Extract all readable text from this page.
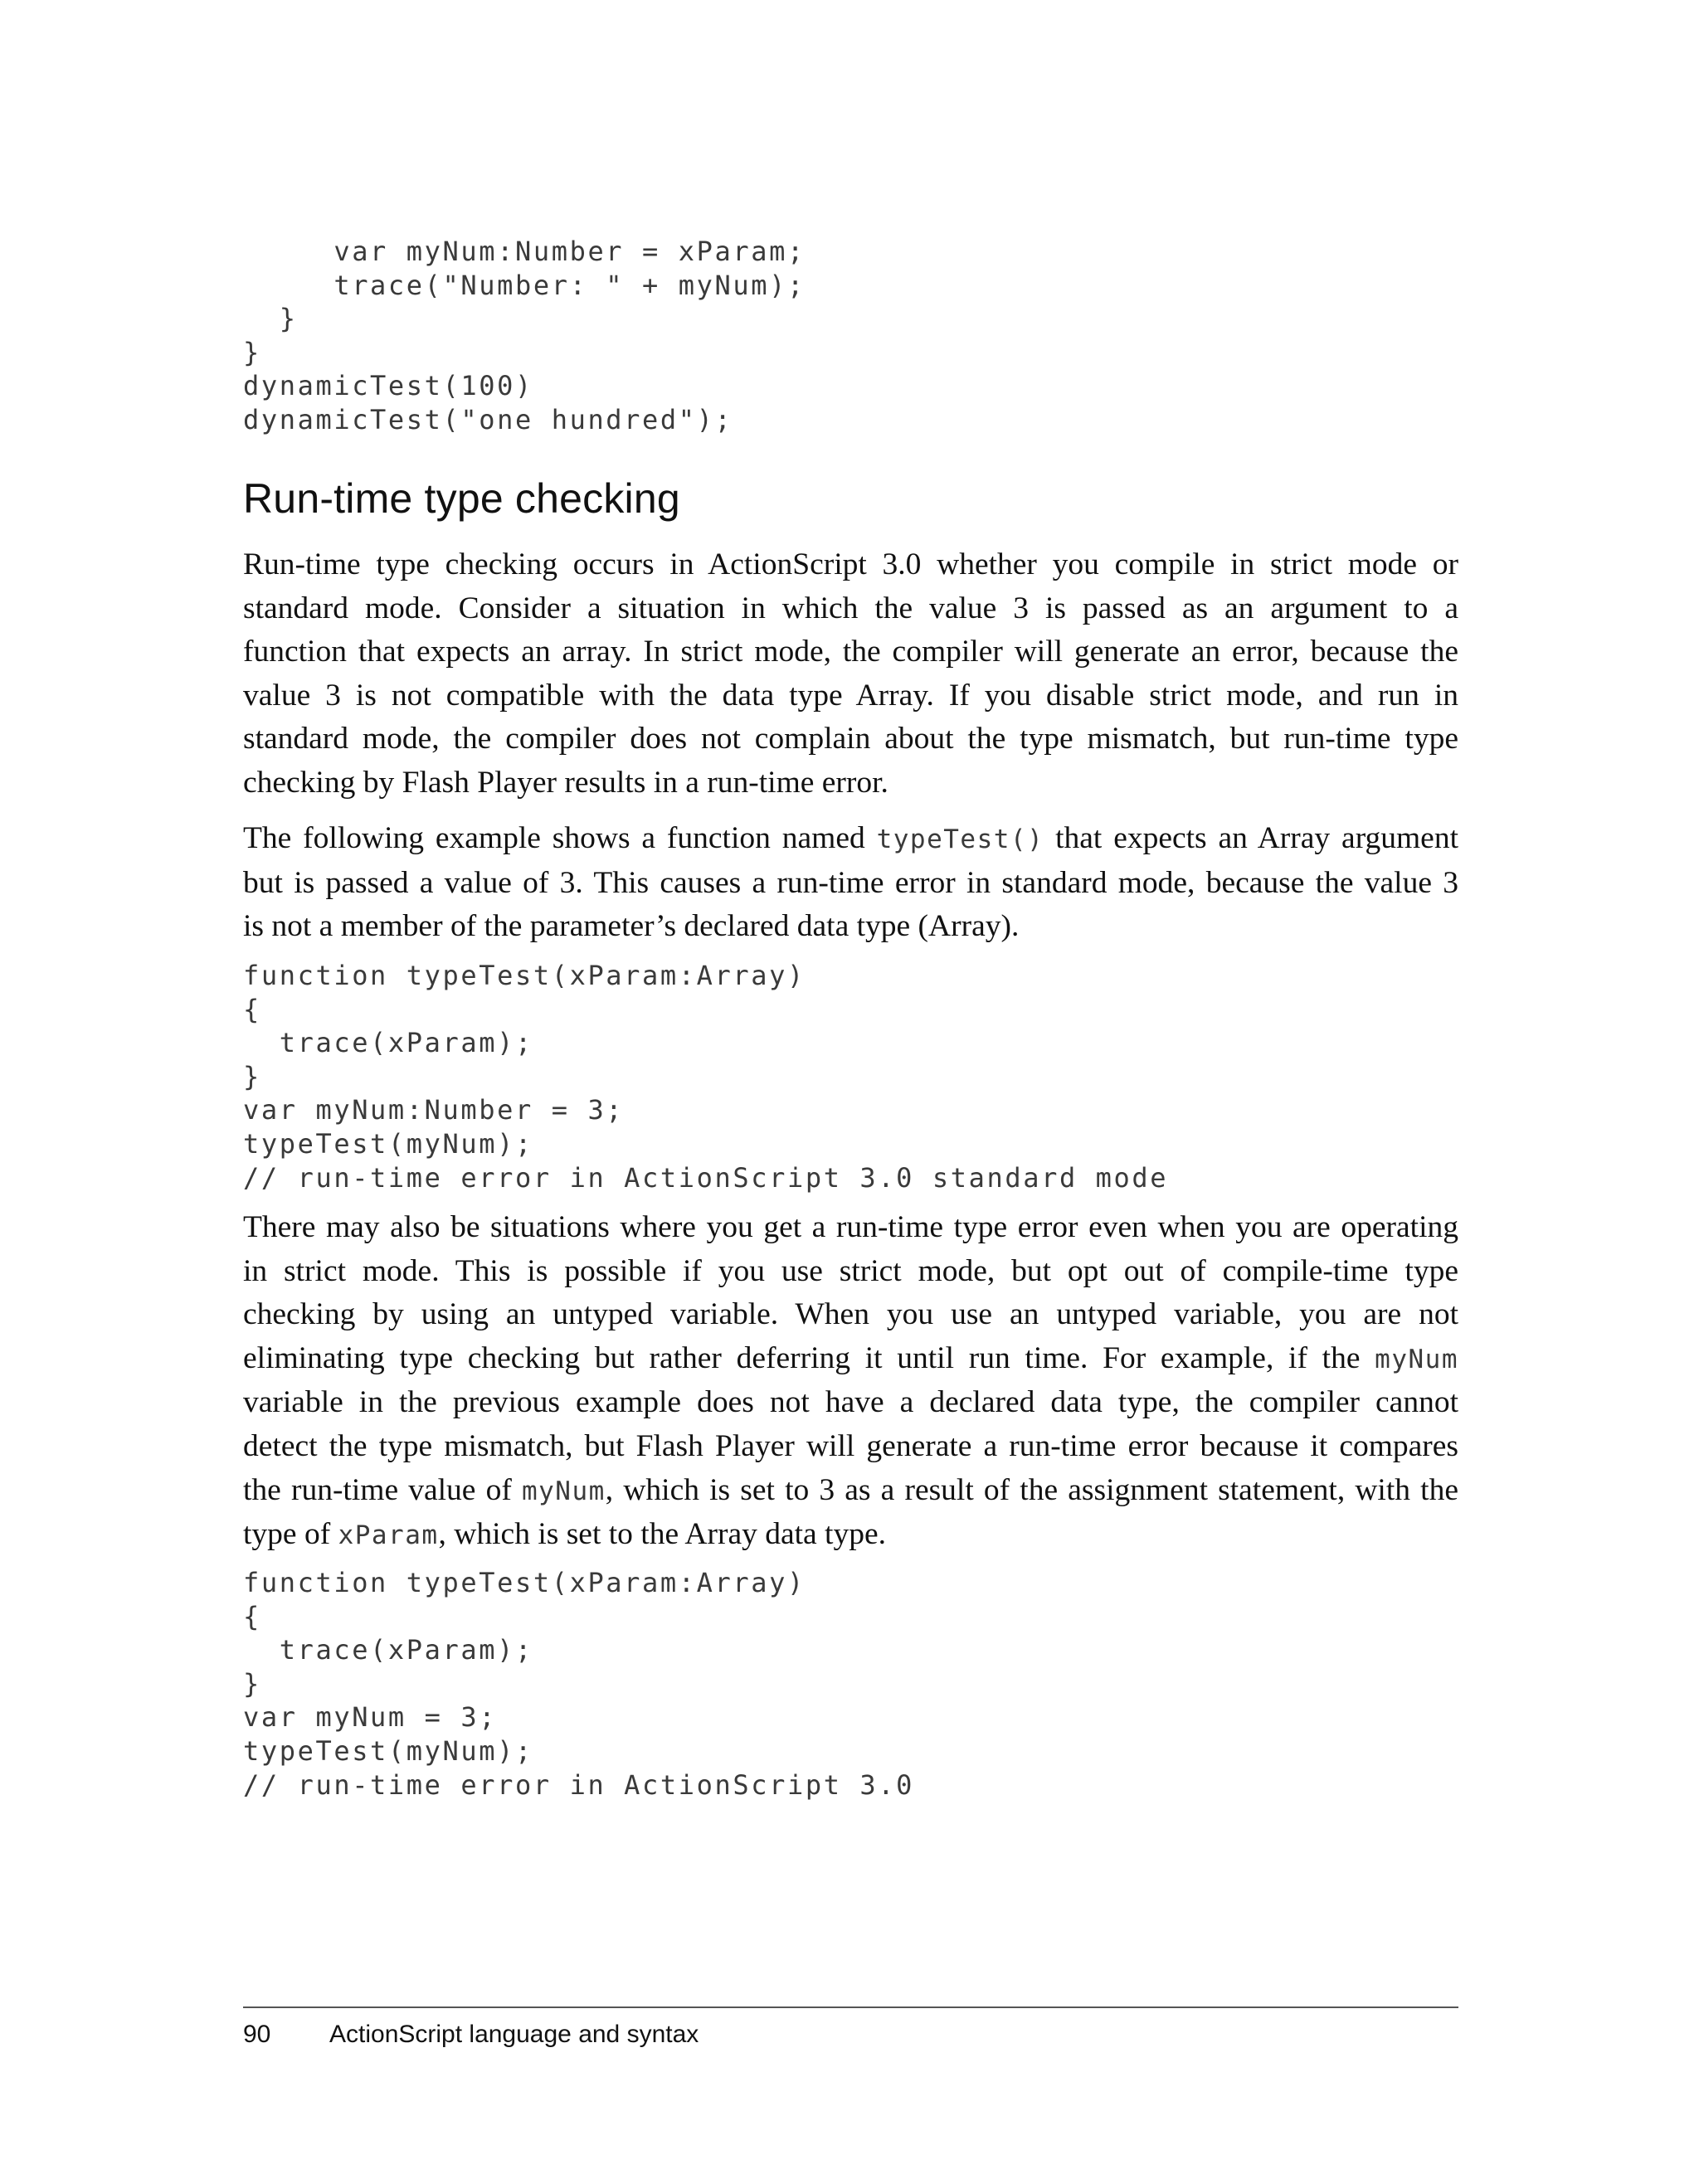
var myNum:Number = xParam;
trace("Number: " + myNum);
}
}
dynamicTest(100)
dynamicTest("one hundred");
Run-time type checking

Run-time type checking occurs in ActionScript 3.0 whether you compile in strict mode or
standard mode. Consider a situation in which the value 3 is passed as an argument to a
function that expects an array. In strict mode, the compiler will generate an error, because the
value 3 is not compatible with the data type Array. If you disable strict mode, and run in
standard mode, the compiler does not complain about the type mismatch, but run-time type
checking by Flash Player results in a run-time error.

The following example shows a function named typeTest() that expects an Array argument
but is passed a value of 3. This causes a run-time error in standard mode, because the value 3
is not a member of the parameter’s declared data type (Array).

function typeTest(xParam:Array)
{
trace(xParam);
}
var myNum:Number = 3;
typeTest(myNum);
// run-time error in ActionScript 3.0 standard mode

There may also be situations where you get a run-time type error even when you are operating
in strict mode. This is possible if you use strict mode, but opt out of compile-time type
checking by using an untyped variable. When you use an untyped variable, you are not
eliminating type checking but rather deferring it until run time. For example, if the myNum
variable in the previous example does not have a declared data type, the compiler cannot
detect the type mismatch, but Flash Player will generate a run-time error because it compares
the run-time value of myNum, which is set to 3 as a result of the assignment statement, with the
type of xParam, which is set to the Array data type.

function typeTest(xParam:Array)
{
trace(xParam);
}
var myNum = 3;
typeTest(myNum);
// run-time error in ActionScript 3.0
90 ActionScript language and syntax
